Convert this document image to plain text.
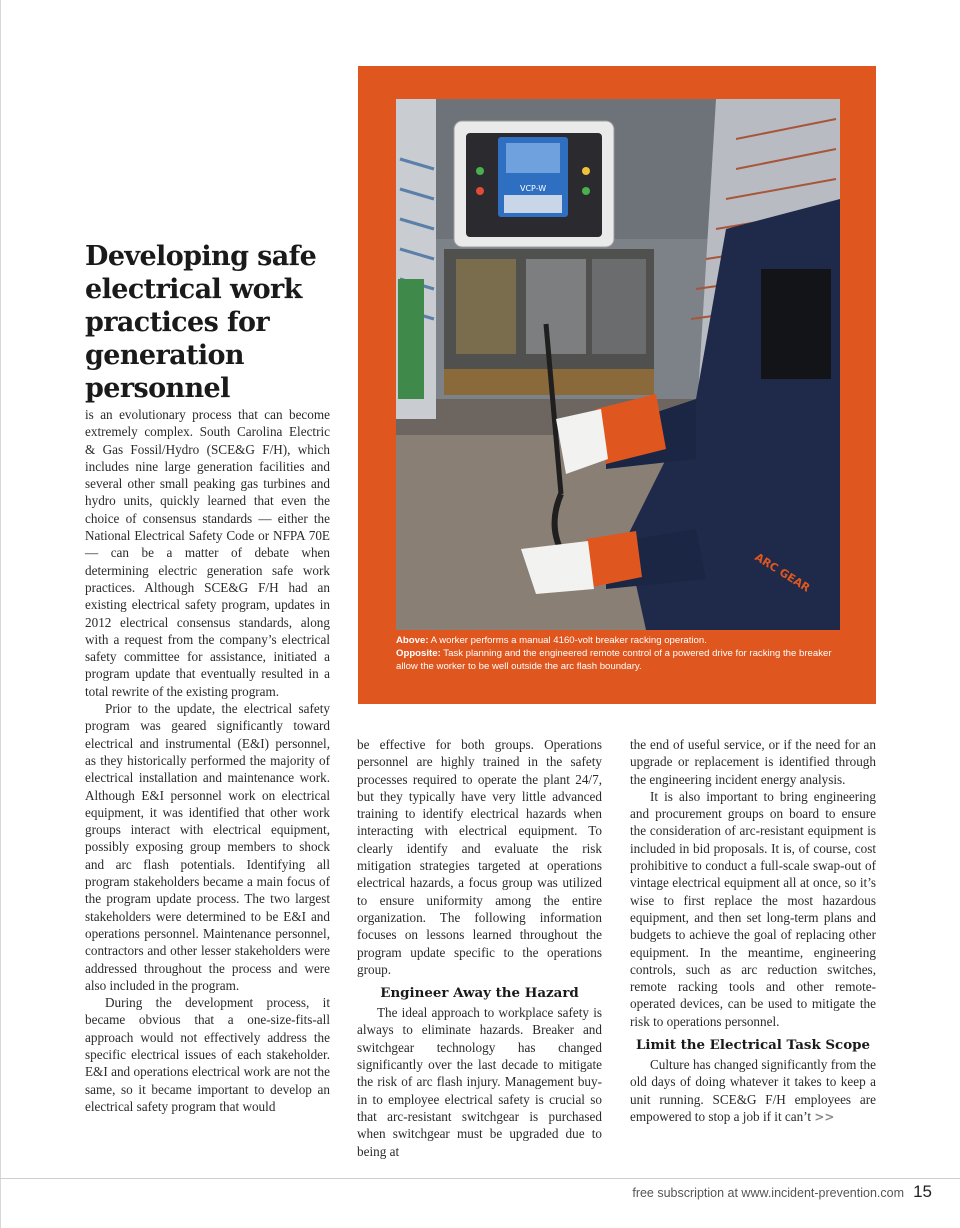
VCP-W
ARC GEAR
Above: A worker performs a manual 4160-volt breaker racking operation.
Opposite: Task planning and the engineered remote control of a powered drive for racking the breaker allow the worker to be well outside the arc flash boundary.
Developing safe electrical work practices for generation personnel

is an evolutionary process that can become extremely complex. South Carolina Electric & Gas Fossil/Hydro (SCE&G F/H), which includes nine large generation facilities and several other small peaking gas turbines and hydro units, quickly learned that even the choice of consensus standards — either the National Electrical Safety Code or NFPA 70E — can be a matter of debate when determining electric generation safe work practices. Although SCE&G F/H had an existing electrical safety program, updates in 2012 electrical consensus standards, along with a request from the company’s electrical safety committee for assistance, initiated a program update that eventually resulted in a total rewrite of the existing program.

Prior to the update, the electrical safety program was geared significantly toward electrical and instrumental (E&I) personnel, as they historically performed the majority of electrical installation and maintenance work. Although E&I personnel work on electrical equipment, it was identified that other work groups interact with electrical equipment, possibly exposing group members to shock and arc flash potentials. Identifying all program stakeholders became a main focus of the program update process. The two largest stakeholders were determined to be E&I and operations personnel. Maintenance personnel, contractors and other lesser stakeholders were addressed throughout the process and were also included in the program.

During the development process, it became obvious that a one-size-fits-all approach would not effectively address the specific electrical issues of each stakeholder. E&I and operations electrical work are not the same, so it became important to develop an electrical safety program that would

be effective for both groups. Operations personnel are highly trained in the safety processes required to operate the plant 24/7, but they typically have very little advanced training to identify electrical hazards when interacting with electrical equipment. To clearly identify and evaluate the risk mitigation strategies targeted at operations electrical hazards, a focus group was utilized to ensure uniformity among the entire organization. The following information focuses on lessons learned throughout the program update specific to the operations group.

Engineer Away the Hazard

The ideal approach to workplace safety is always to eliminate hazards. Breaker and switchgear technology has changed significantly over the last decade to mitigate the risk of arc flash injury. Management buy-in to employee electrical safety is crucial so that arc-resistant switchgear is purchased when switchgear must be upgraded due to being at

the end of useful service, or if the need for an upgrade or replacement is identified through the engineering incident energy analysis.

It is also important to bring engineering and procurement groups on board to ensure the consideration of arc-resistant equipment is included in bid proposals. It is, of course, cost prohibitive to conduct a full-scale swap-out of vintage electrical equipment all at once, so it’s wise to first replace the most hazardous equipment, and then set long-term plans and budgets to achieve the goal of replacing other equipment. In the meantime, engineering controls, such as arc reduction switches, remote racking tools and other remote-operated devices, can be used to mitigate the risk to operations personnel.

Limit the Electrical Task Scope

Culture has changed significantly from the old days of doing whatever it takes to keep a unit running. SCE&G F/H employees are empowered to stop a job if it can’t >>

free subscription at www.incident-prevention.com 15
